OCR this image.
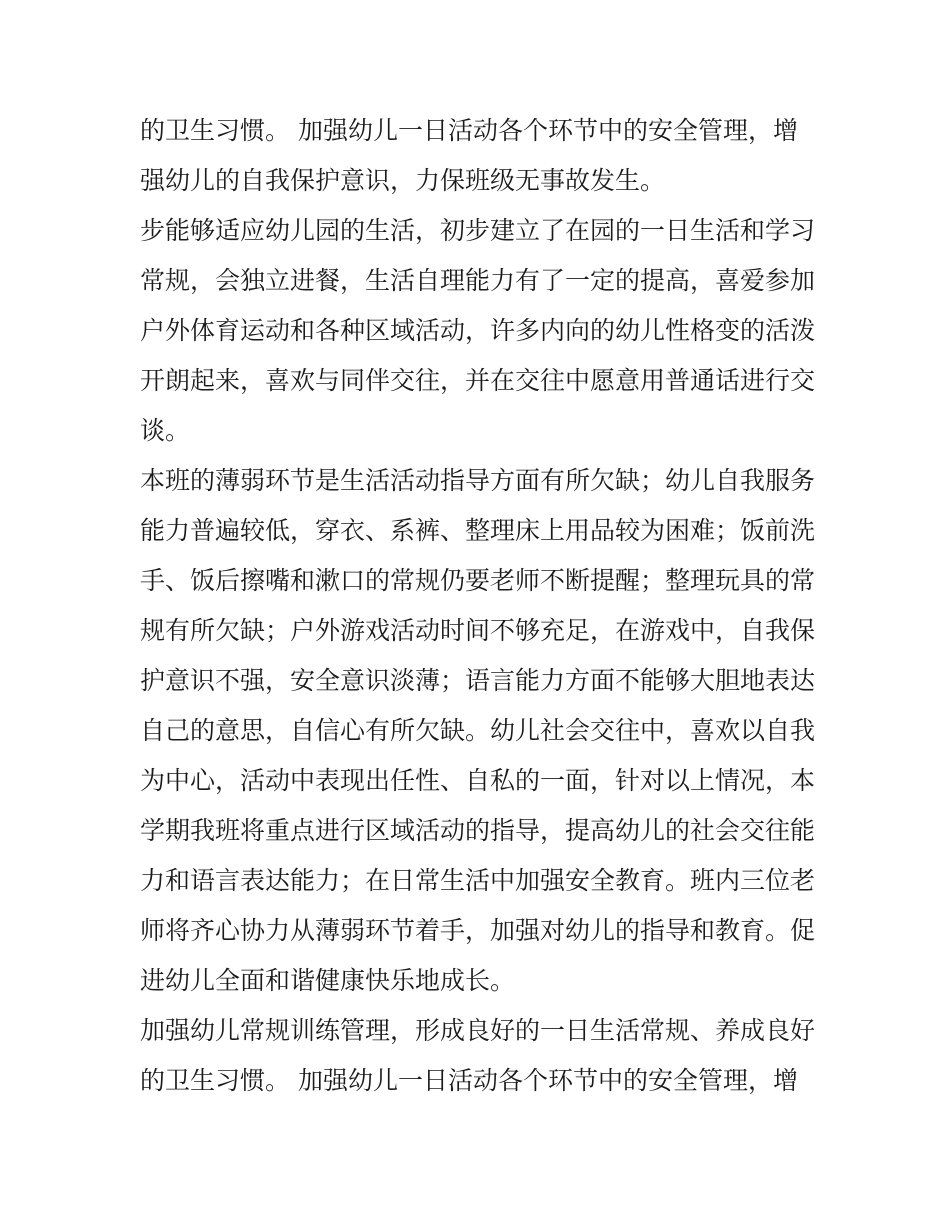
的卫生习惯。 加强幼儿一日活动各个环节中的安全管理，增
强幼儿的自我保护意识，力保班级无事故发生。
步能够适应幼儿园的生活，初步建立了在园的一日生活和学习
常规，会独立进餐，生活自理能力有了一定的提高，喜爱参加
户外体育运动和各种区域活动，许多内向的幼儿性格变的活泼
开朗起来，喜欢与同伴交往，并在交往中愿意用普通话进行交
谈。
本班的薄弱环节是生活活动指导方面有所欠缺；幼儿自我服务
能力普遍较低，穿衣、系裤、整理床上用品较为困难；饭前洗
手、饭后擦嘴和漱口的常规仍要老师不断提醒；整理玩具的常
规有所欠缺；户外游戏活动时间不够充足，在游戏中，自我保
护意识不强，安全意识淡薄；语言能力方面不能够大胆地表达
自己的意思，自信心有所欠缺。幼儿社会交往中，喜欢以自我
为中心，活动中表现出任性、自私的一面，针对以上情况，本
学期我班将重点进行区域活动的指导，提高幼儿的社会交往能
力和语言表达能力；在日常生活中加强安全教育。班内三位老
师将齐心协力从薄弱环节着手，加强对幼儿的指导和教育。促
进幼儿全面和谐健康快乐地成长。
加强幼儿常规训练管理，形成良好的一日生活常规、养成良好
的卫生习惯。 加强幼儿一日活动各个环节中的安全管理，增
